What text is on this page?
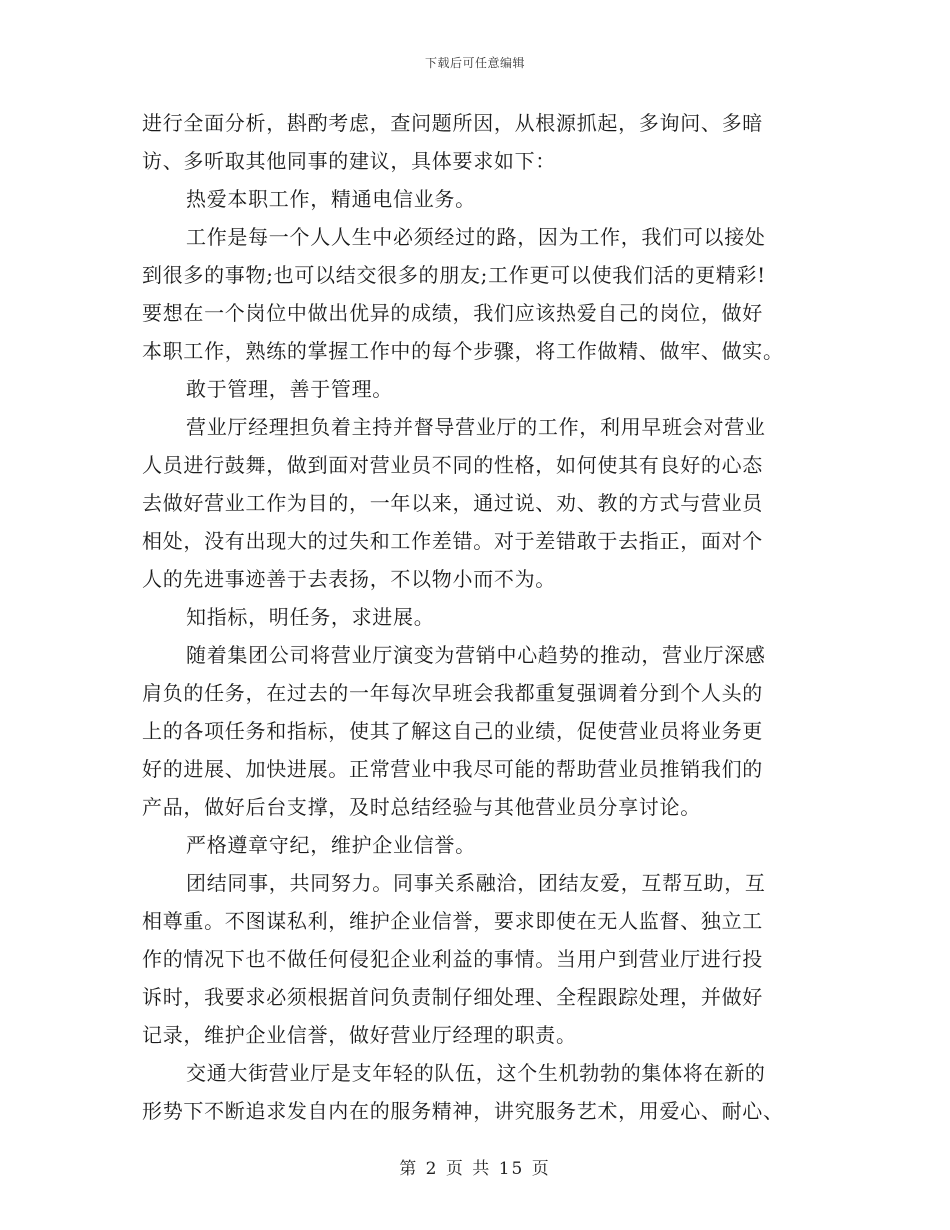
下载后可任意编辑
进行全面分析，斟酌考虑，查问题所因，从根源抓起，多询问、多暗
访、多听取其他同事的建议，具体要求如下：
热爱本职工作，精通电信业务。
工作是每一个人人生中必须经过的路，因为工作，我们可以接处
到很多的事物;也可以结交很多的朋友;工作更可以使我们活的更精彩!
要想在一个岗位中做出优异的成绩，我们应该热爱自己的岗位，做好
本职工作，熟练的掌握工作中的每个步骤，将工作做精、做牢、做实。
敢于管理，善于管理。
营业厅经理担负着主持并督导营业厅的工作，利用早班会对营业
人员进行鼓舞，做到面对营业员不同的性格，如何使其有良好的心态
去做好营业工作为目的，一年以来，通过说、劝、教的方式与营业员
相处，没有出现大的过失和工作差错。对于差错敢于去指正，面对个
人的先进事迹善于去表扬，不以物小而不为。
知指标，明任务，求进展。
随着集团公司将营业厅演变为营销中心趋势的推动，营业厅深感
肩负的任务，在过去的一年每次早班会我都重复强调着分到个人头的
上的各项任务和指标，使其了解这自己的业绩，促使营业员将业务更
好的进展、加快进展。正常营业中我尽可能的帮助营业员推销我们的
产品，做好后台支撑，及时总结经验与其他营业员分享讨论。
严格遵章守纪，维护企业信誉。
团结同事，共同努力。同事关系融洽，团结友爱，互帮互助，互
相尊重。不图谋私利，维护企业信誉，要求即使在无人监督、独立工
作的情况下也不做任何侵犯企业利益的事情。当用户到营业厅进行投
诉时，我要求必须根据首问负责制仔细处理、全程跟踪处理，并做好
记录，维护企业信誉，做好营业厅经理的职责。
交通大街营业厅是支年轻的队伍，这个生机勃勃的集体将在新的
形势下不断追求发自内在的服务精神，讲究服务艺术，用爱心、耐心、
第 2 页 共 15 页
